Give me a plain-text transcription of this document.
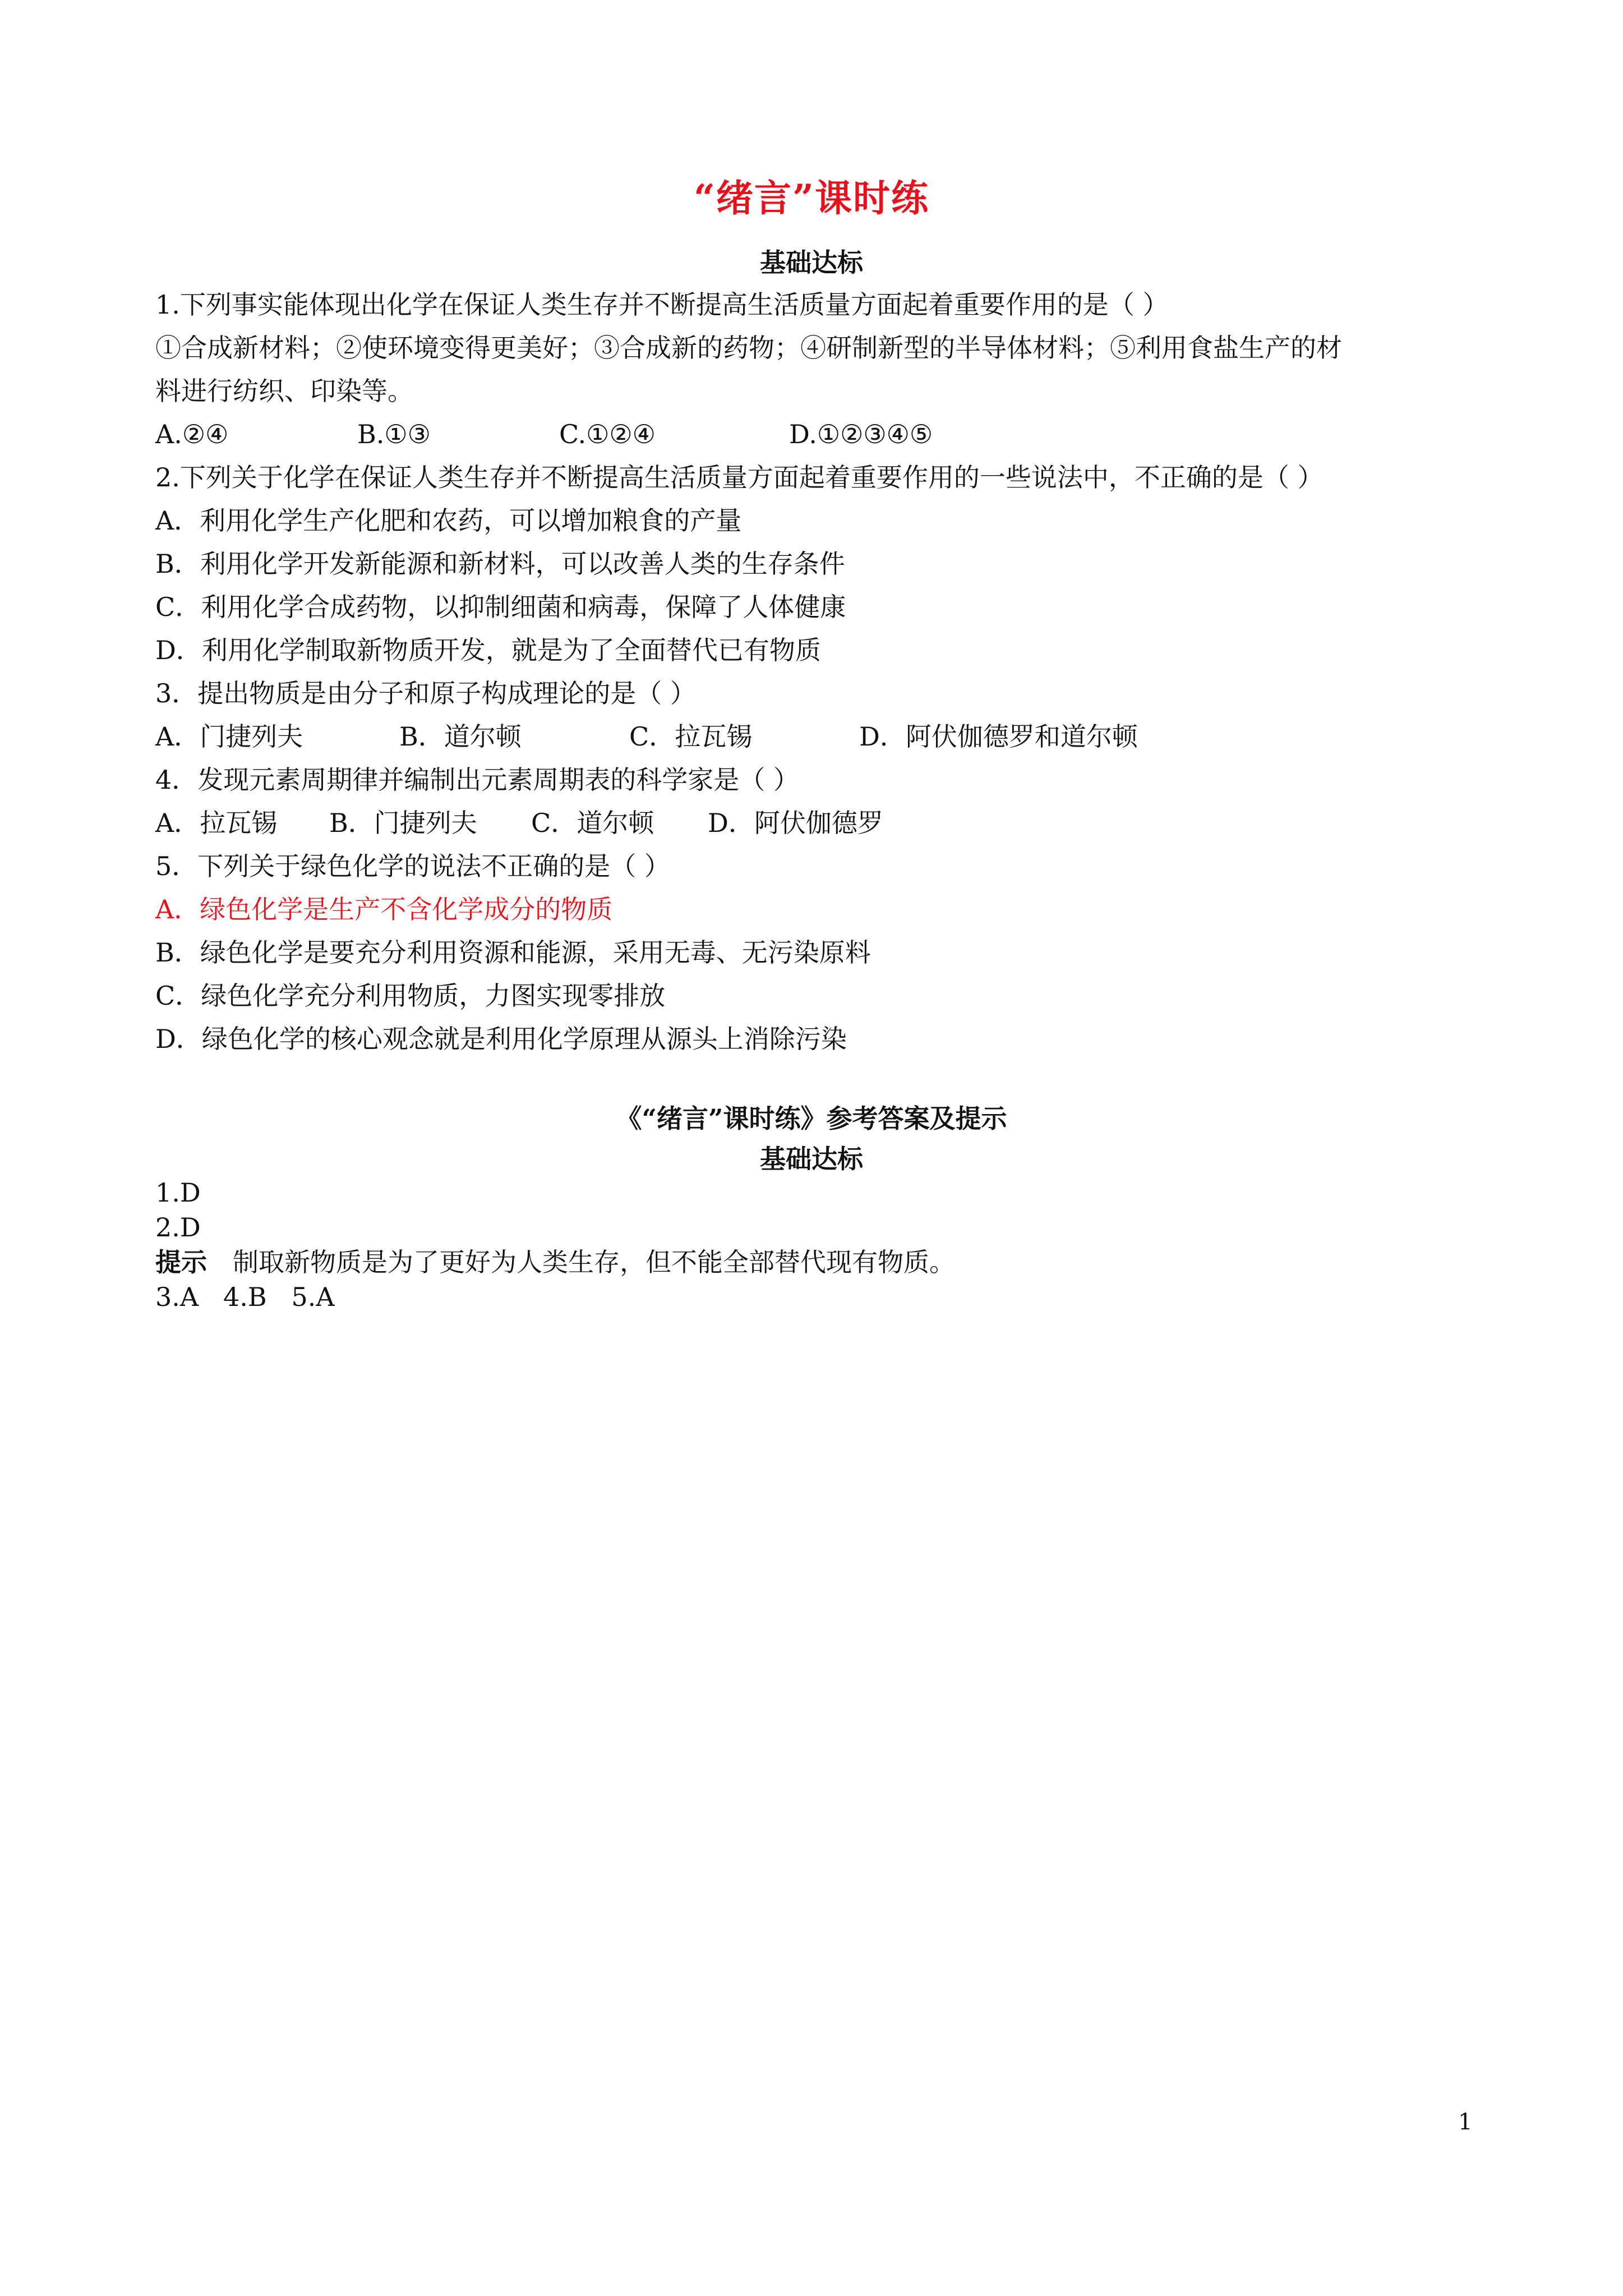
“绪言”课时练
基础达标
1.下列事实能体现出化学在保证人类生存并不断提高生活质量方面起着重要作用的是（ ）
①合成新材料；②使环境变得更美好；③合成新的药物；④研制新型的半导体材料；⑤利用食盐生产的材
料进行纺织、印染等。
A.②④	B.①③	C.①②④	D.①②③④⑤
2.下列关于化学在保证人类生存并不断提高生活质量方面起着重要作用的一些说法中，不正确的是（ ）
A．利用化学生产化肥和农药，可以增加粮食的产量
B．利用化学开发新能源和新材料，可以改善人类的生存条件
C．利用化学合成药物，以抑制细菌和病毒，保障了人体健康
D．利用化学制取新物质开发，就是为了全面替代已有物质
3．提出物质是由分子和原子构成理论的是（ ）
A．门捷列夫	B．道尔顿	C．拉瓦锡	D．阿伏伽德罗和道尔顿
4．发现元素周期律并编制出元素周期表的科学家是（ ）
A．拉瓦锡 B．门捷列夫 C．道尔顿 D．阿伏伽德罗
5．下列关于绿色化学的说法不正确的是（ ）
A．绿色化学是生产不含化学成分的物质
B．绿色化学是要充分利用资源和能源，采用无毒、无污染原料
C．绿色化学充分利用物质，力图实现零排放
D．绿色化学的核心观念就是利用化学原理从源头上消除污染
《“绪言”课时练》参考答案及提示
基础达标
1.D
2.D
提示 制取新物质是为了更好为人类生存，但不能全部替代现有物质。
3.A   4.B   5.A
1
